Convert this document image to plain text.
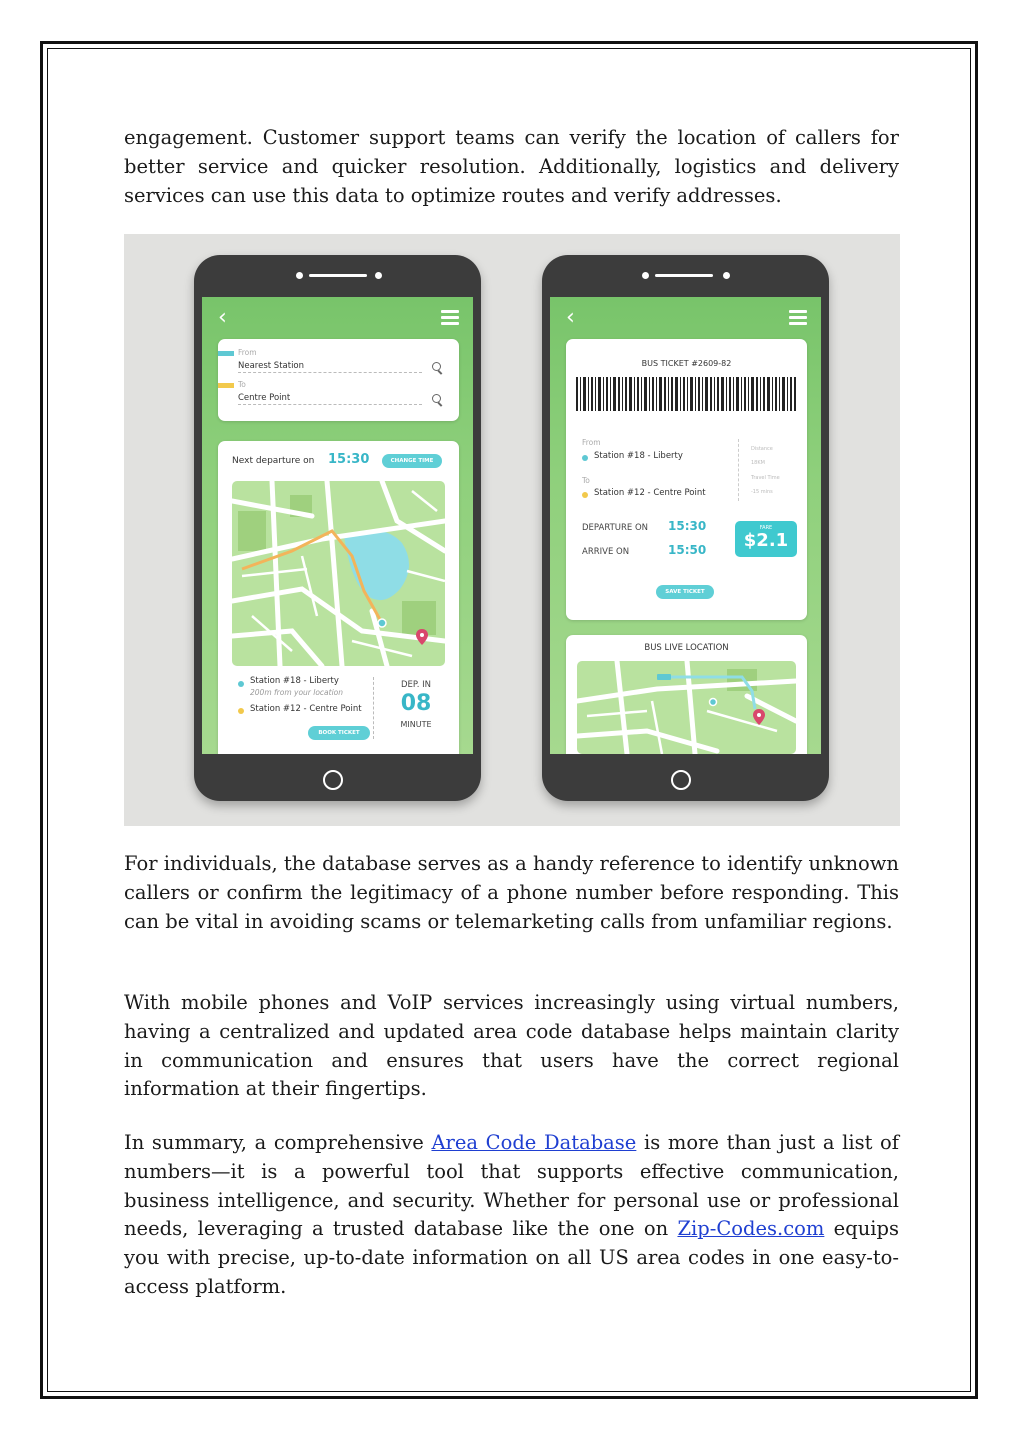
engagement. Customer support teams can verify the location of callers for better service and quicker resolution. Additionally, logistics and delivery services can use this data to optimize routes and verify addresses.

‹
From
Nearest Station
To
Centre Point
Next departure on 15:30	CHANGE TIME
Station #18 - Liberty
200m from your location
Station #12 - Centre Point
DEP. IN
08
MINUTE
BOOK TICKET
‹
BUS TICKET #2609-82
From
Station #18 - Liberty
To
Station #12 - Centre Point
Distance
18KM
Travel Time
-15 mins
DEPARTURE ON 15:30
ARRIVE ON	15:50
FARE
$2.1
SAVE TICKET
BUS LIVE LOCATION

For individuals, the database serves as a handy reference to identify unknown callers or confirm the legitimacy of a phone number before responding. This can be vital in avoiding scams or telemarketing calls from unfamiliar regions.

With mobile phones and VoIP services increasingly using virtual numbers, having a centralized and updated area code database helps maintain clarity in communication and ensures that users have the correct regional information at their fingertips.

In summary, a comprehensive Area Code Database is more than just a list of numbers—it is a powerful tool that supports effective communication, business intelligence, and security. Whether for personal use or professional needs, leveraging a trusted database like the one on Zip-Codes.com equips you with precise, up-to-date information on all US area codes in one easy-to-access platform.
